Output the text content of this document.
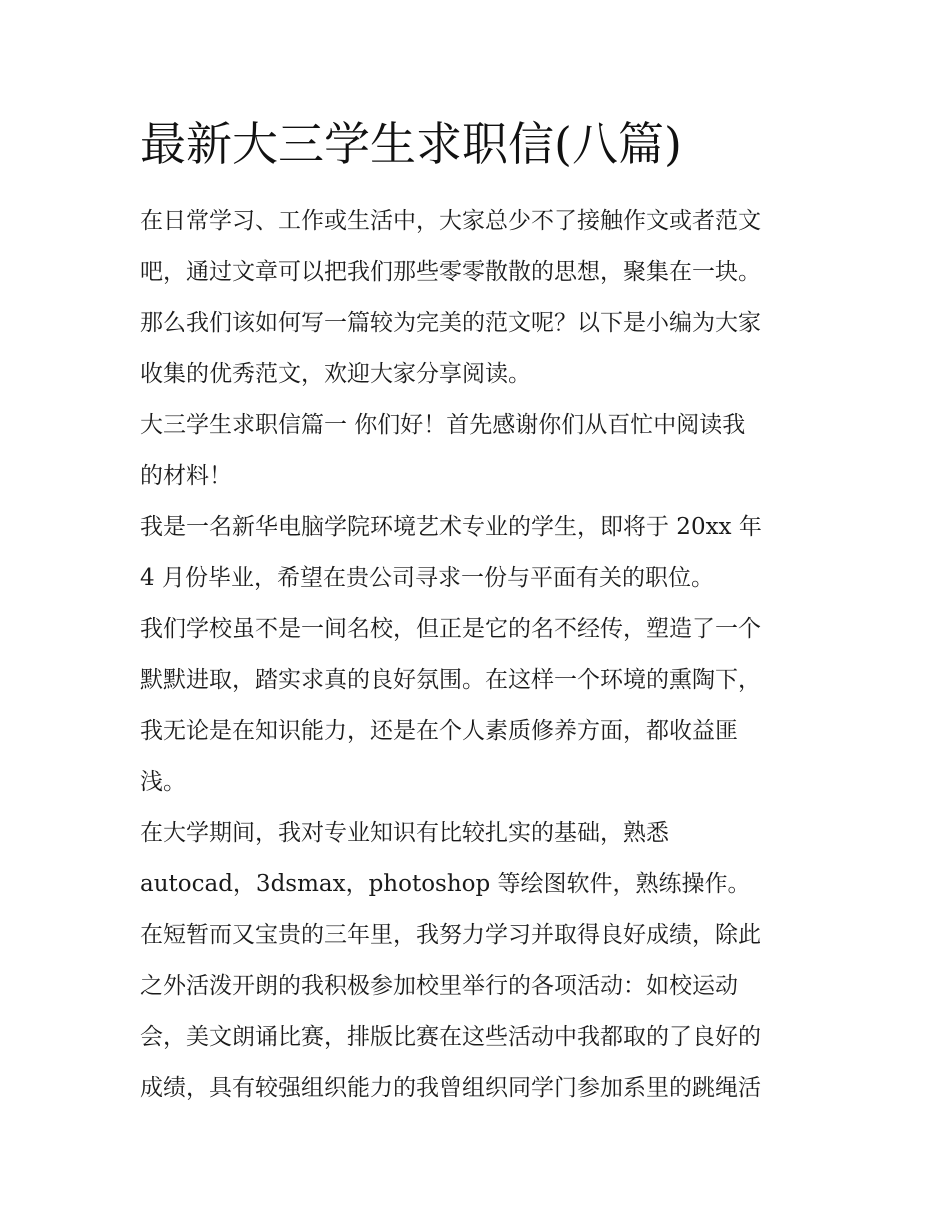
最新大三学生求职信(八篇)
在日常学习、工作或生活中，大家总少不了接触作文或者范文
吧，通过文章可以把我们那些零零散散的思想，聚集在一块。
那么我们该如何写一篇较为完美的范文呢？以下是小编为大家
收集的优秀范文，欢迎大家分享阅读。
大三学生求职信篇一 你们好！首先感谢你们从百忙中阅读我
的材料！
我是一名新华电脑学院环境艺术专业的学生，即将于 20xx 年
4 月份毕业，希望在贵公司寻求一份与平面有关的职位。
我们学校虽不是一间名校，但正是它的名不经传，塑造了一个
默默进取，踏实求真的良好氛围。在这样一个环境的熏陶下，
我无论是在知识能力，还是在个人素质修养方面，都收益匪
浅。
在大学期间，我对专业知识有比较扎实的基础，熟悉
autocad，3dsmax，photoshop 等绘图软件，熟练操作。
在短暂而又宝贵的三年里，我努力学习并取得良好成绩，除此
之外活泼开朗的我积极参加校里举行的各项活动：如校运动
会，美文朗诵比赛，排版比赛在这些活动中我都取的了良好的
成绩，具有较强组织能力的我曾组织同学门参加系里的跳绳活
